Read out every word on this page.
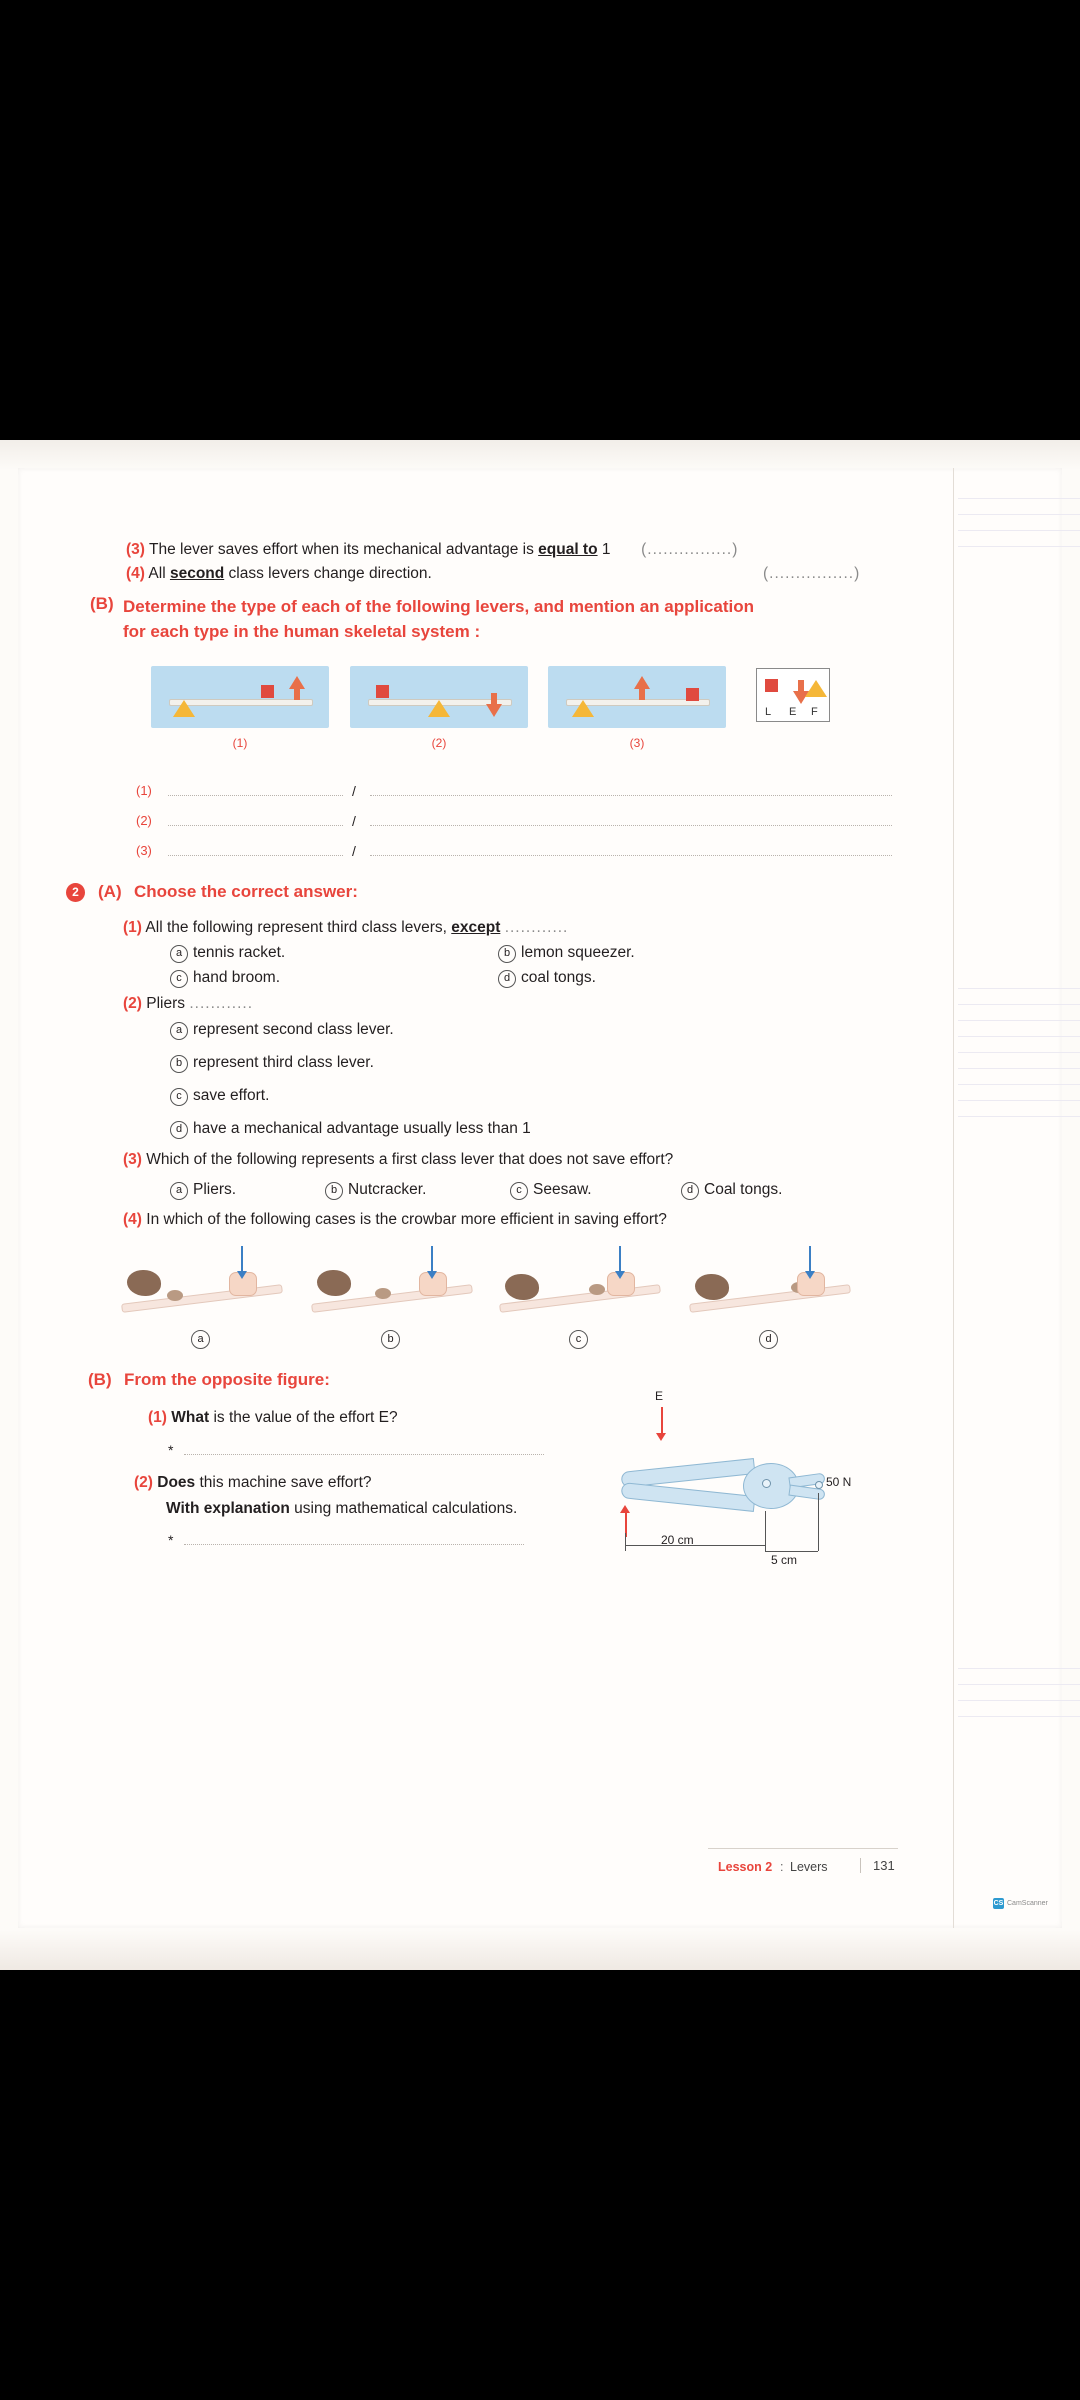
(3) The lever saves effort when its mechanical advantage is equal to 1 (................)
(4) All second class levers change direction.	(................)
(B) Determine the type of each of the following levers, and mention an application for each type in the human skeletal system :
(1)	(2)	(3)
L E F
(1)	/
(2)	/
(3)	/
2	(A) Choose the correct answer:
(1) All the following represent third class levers, except ............
a tennis racket.	b lemon squeezer.
c hand broom.	d coal tongs.
(2) Pliers ............
a represent second class lever.
b represent third class lever.
c save effort.
d have a mechanical advantage usually less than 1
(3) Which of the following represents a first class lever that does not save effort?
a Pliers.	b Nutcracker.	c Seesaw.	d Coal tongs.
(4) In which of the following cases is the crowbar more efficient in saving effort?
a	b	c	d
(B) From the opposite figure:
(1) What is the value of the effort E?
*
(2) Does this machine save effort?
With explanation using mathematical calculations.
*
Lesson 2 : Levers	131
E
50 N
20 cm
5 cm
CS CamScanner
